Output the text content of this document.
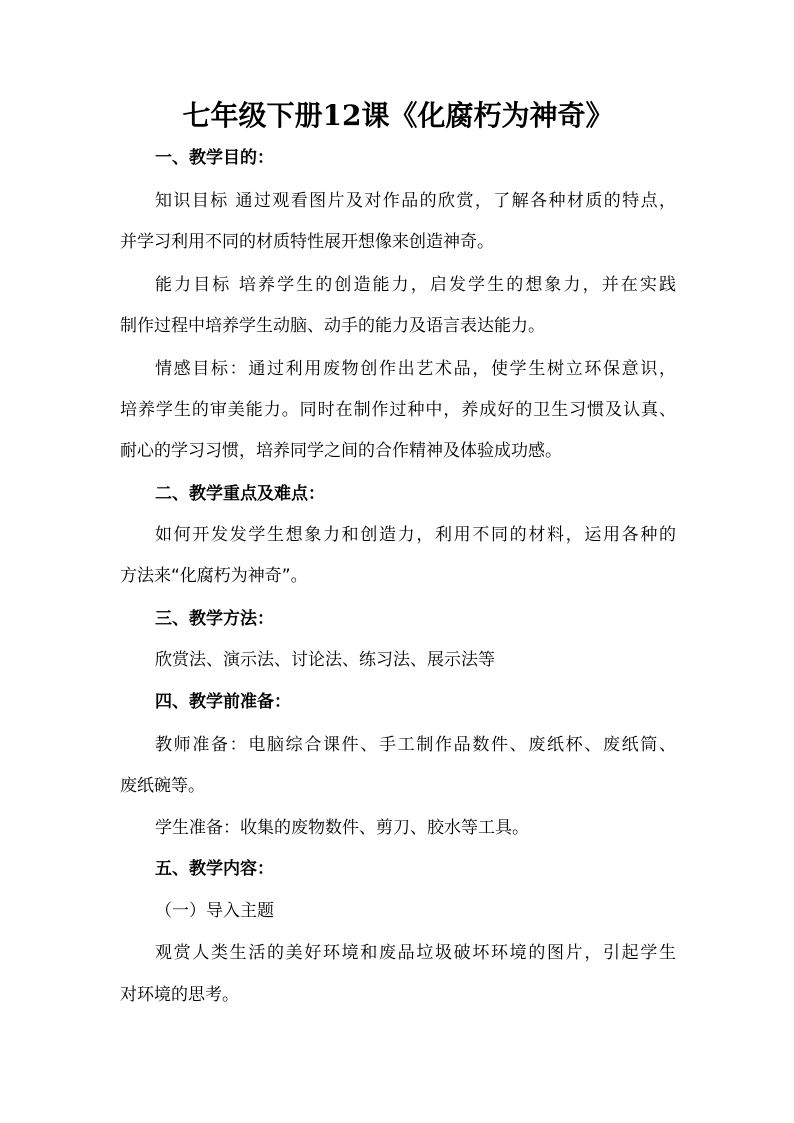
七年级下册12课《化腐朽为神奇》
一、教学目的：
知识目标 通过观看图片及对作品的欣赏，了解各种材质的特点，
并学习利用不同的材质特性展开想像来创造神奇。
能力目标 培养学生的创造能力，启发学生的想象力，并在实践
制作过程中培养学生动脑、动手的能力及语言表达能力。
情感目标：通过利用废物创作出艺术品，使学生树立环保意识，
培养学生的审美能力。同时在制作过种中，养成好的卫生习惯及认真、
耐心的学习习惯，培养同学之间的合作精神及体验成功感。
二、教学重点及难点：
如何开发发学生想象力和创造力，利用不同的材料，运用各种的
方法来“化腐朽为神奇”。
三、教学方法：
欣赏法、演示法、讨论法、练习法、展示法等
四、教学前准备：
教师准备：电脑综合课件、手工制作品数件、废纸杯、废纸筒、
废纸碗等。
学生准备：收集的废物数件、剪刀、胶水等工具。
五、教学内容：
（一）导入主题
观赏人类生活的美好环境和废品垃圾破坏环境的图片，引起学生
对环境的思考。
